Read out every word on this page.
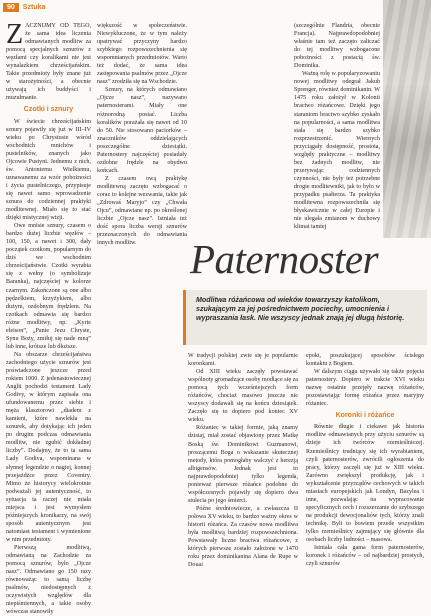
90	Sztuka

ZACZNIJMY OD TEGO, że sama idea liczenia odmawianych modlitw za pomocą specjalnych sznurów z węzłami czy koralikami nie jest wynalazkiem chrześcijańskim. Takie przedmioty były znane już w starożytności, a obecnie używają ich buddyści i muzułmanie.

Czotki i sznury

W świecie chrześcijańskim sznury pojawiły się już w III–IV wieku po Chrystusie wśród wschodnich mnichów i pustelników, znanych jako Ojcowie Pustyni. Jednemu z nich, św. Antoniemu Wielkiemu, uznawanemu za wzór pobożności i życia pustelniczego, przypisuje się nawet samo wprowadzenie sznura do codziennej praktyki modlitewnej. Miało się to stać dzięki mistycznej wizji.

Owe mnisie sznury, czasem o bardzo dużej liczbie węzłów – 100, 150, a nawet i 300, dały początek czotkom, popularnym do dziś we wschodnim chrześcijaństwie. Czotki wyrabia się z wełny (o symbolizuje Baranka), najczęściej w kolorze czarnym. Zakończone są one albo pędzelkiem, krzyżykiem, albo dużym, ozdobnym frędzlem. Na czotkach odmawia się bardzo różne modlitwy, np. „Kyrie eleison”, „Panie Jezu Chryste, Synu Boży, zmiłuj się nade mną” lub inne, krótsze lub dłuższe.

Na obszarze chrześcijaństwa zachodniego użycie sznurów jest poświadczone jeszcze przed rokiem 1000. Z jedenastowiecznej Anglii pochodzi testament Lady Godivy, w którym zapisała ona ufundowanemu przez siebie i męża klasztorowi „diadem z kamieni, które nawlekła na sznurek, aby dotykając ich jeden po drugim podczas odmawiania modlitw, nie zgubić dokładnej liczby”. Dodajmy, że to ta sama Lady Godiva, wspominana w słynnej legendzie o nagiej, konnej przejażdżce przez Coventry. Mimo że historycy wielokrotnie podważali jej autentyczność, to sytuacja ta raczej nie miała miejsca i jest wymysłem późniejszych kronikarzy, na swój sposób autentycznym jest natomiast testament i wymienione w nim przedmioty.

Pierwszą modlitwą, odmawianą na Zachodzie za pomocą sznurów, było „Ojcze nasz”. Odmawiano go 150 razy równoważąc to samą liczbę psalmów, niedostępnych z oczywistych względów dla niepiśmiennych, a takie osoby wówczas stanowiły

większość w społeczeństwie. Niewykluczone, że w tym należy upatrywać przyczyny bardzo szybkiego rozpowszechnienia się wspomnianych przedmiotów. Warto też dodać, że sama idea zastępowania psalmów przez „Ojcze nasz” zrodziła się na Wschodzie.

Sznury, na których odmawiano „Ojcze nasz”, nazywano paternosterami. Miały one różnorodną postać. Liczba koralików porażała się nawet od 10 do 50. Nie stosowano paciorków – znaczników oddzielających poszczególne dziesiątki. Paternostery najczęściej posiadały ozdobne frędzle na obydwu końcach.

Z czasem ową praktykę modlitewną zaczęto wzbogacać o coraz to kolejne wezwania, takie jak „Zdrowaś Maryjo” czy „Chwała Ojcu”, odmawiane np. po określonej liczbie „Ojcze nasz”. Istniała też dość spora liczba wersji sznurów przeznaczonych do odmawiania innych modlitw.

(szczególnie Flandria, obecnie Francja). Najprawdopodobniej właśnie tam też zaczęto zaliczać do tej modlitwy wzbogacone pobożności z postacią św. Dominika.

Ważną rolę w popularyzowaniu nowej modlitwy odegrał Jakub Sprenger, również dominikanin. W 1475 roku założył w Kolonii bractwo różańcowe. Dzięki jego staraniom bractwo szybko zyskało na popularności, a sama modlitwa stała się bardzo szybko rozprzestrzenić. Wiernych przyciągały dostępność, prostota, względy praktyczne – modlitwy bez żadnych modlitw, nie przerywając codziennych czynności, nie były też potrzebne drogie modlitewniki, jak to było w przypadku psałterza. Ta praktyka modlitewna rozpowszechniła się błyskawicznie w całej Europie i nie ulegała zmianom w duchowy klimat tamtej

Paternoster
Modlitwa różańcowa od wieków towarzyszy katolikom, szukającym za jej pośrednictwem pociechy, umocnienia i wypraszania łask. Nie wszyscy jednak znają jej długą historię.

W tradycji polskiej zwie się je popularnie koronkami.

Od XIII wieku zaczęły powstawać wspólnoty gromadzące osoby modlące się za pomocą tych wcześniejszych form różańców, chociaż masowo jeszcze nie wszyscy dodawali się na końcu dziesiątek. Zaczęło się to dopiero pod koniec XV wieku.

Różaniec w takiej formie, jaką znamy dzisiaj, miał zostać objawiony przez Matkę Boską św. Dominikowi Guzmanowi, proszącemu Boga o wskazanie skutecznej metody, która pomogłaby walczyć z herezją albigensów. Jednak jest to najprawdopodobniej tylko legenda, ponieważ pierwsze różańce podobne do współczesnych pojawiły się dopiero dwa stulecia po jego śmierci.

Późne średniowiecze, a zwłaszcza II połowa XV wieku, to bardzo ważny okres w historii różańca. Za czasów nowa modlitwa była modlitwą bardziej rozpowszechniona. Powstawały liczne bractwa różańcowe, z których pierwsze zostało założone w 1470 roku przez dominikanina Alana de Rupe w Douai

epoki, poszukującej sposobów ścisłego kontaktu z Bogiem.

W dalszym ciągu używało się także pojęcia paternostery. Dopiero w trakcie XVI wieku nazwę ostatnie przejęły nazwę różańców, pozostawiając formę różańca przez maryjny różaniec.

Koronki i różańce

Równie długie i ciekawe jak historia modlitw odmawianych przy użyciu sznurów są dzieje ich twórców rzemieślniczej. Rzemieślnicy trudniący się ich wyrabianiem, czyli paternosterów, zwrócili ogłoszenia do pracy, którzy zaczęli się już w XIII wieku. Zarówno zwiększył produkcję, jak i wykształcenie przyrządów cechowych w takich miastach europejskich jak Londyn, Bazylea i inne, pozwalając na wypracowanie specyficznych cech i rozszerzanie do szybszego na produkcji dewocjonaliów tych, którzy znali technikę. Byli to bowiem przede wszystkim tylko rzemieślnicy zajmujący się głównie dla osobach liczby ludności – masowa.

Istniała cała gama form paternosterów, koronek i różańców – od najbardziej prostych, czyli sznurów
